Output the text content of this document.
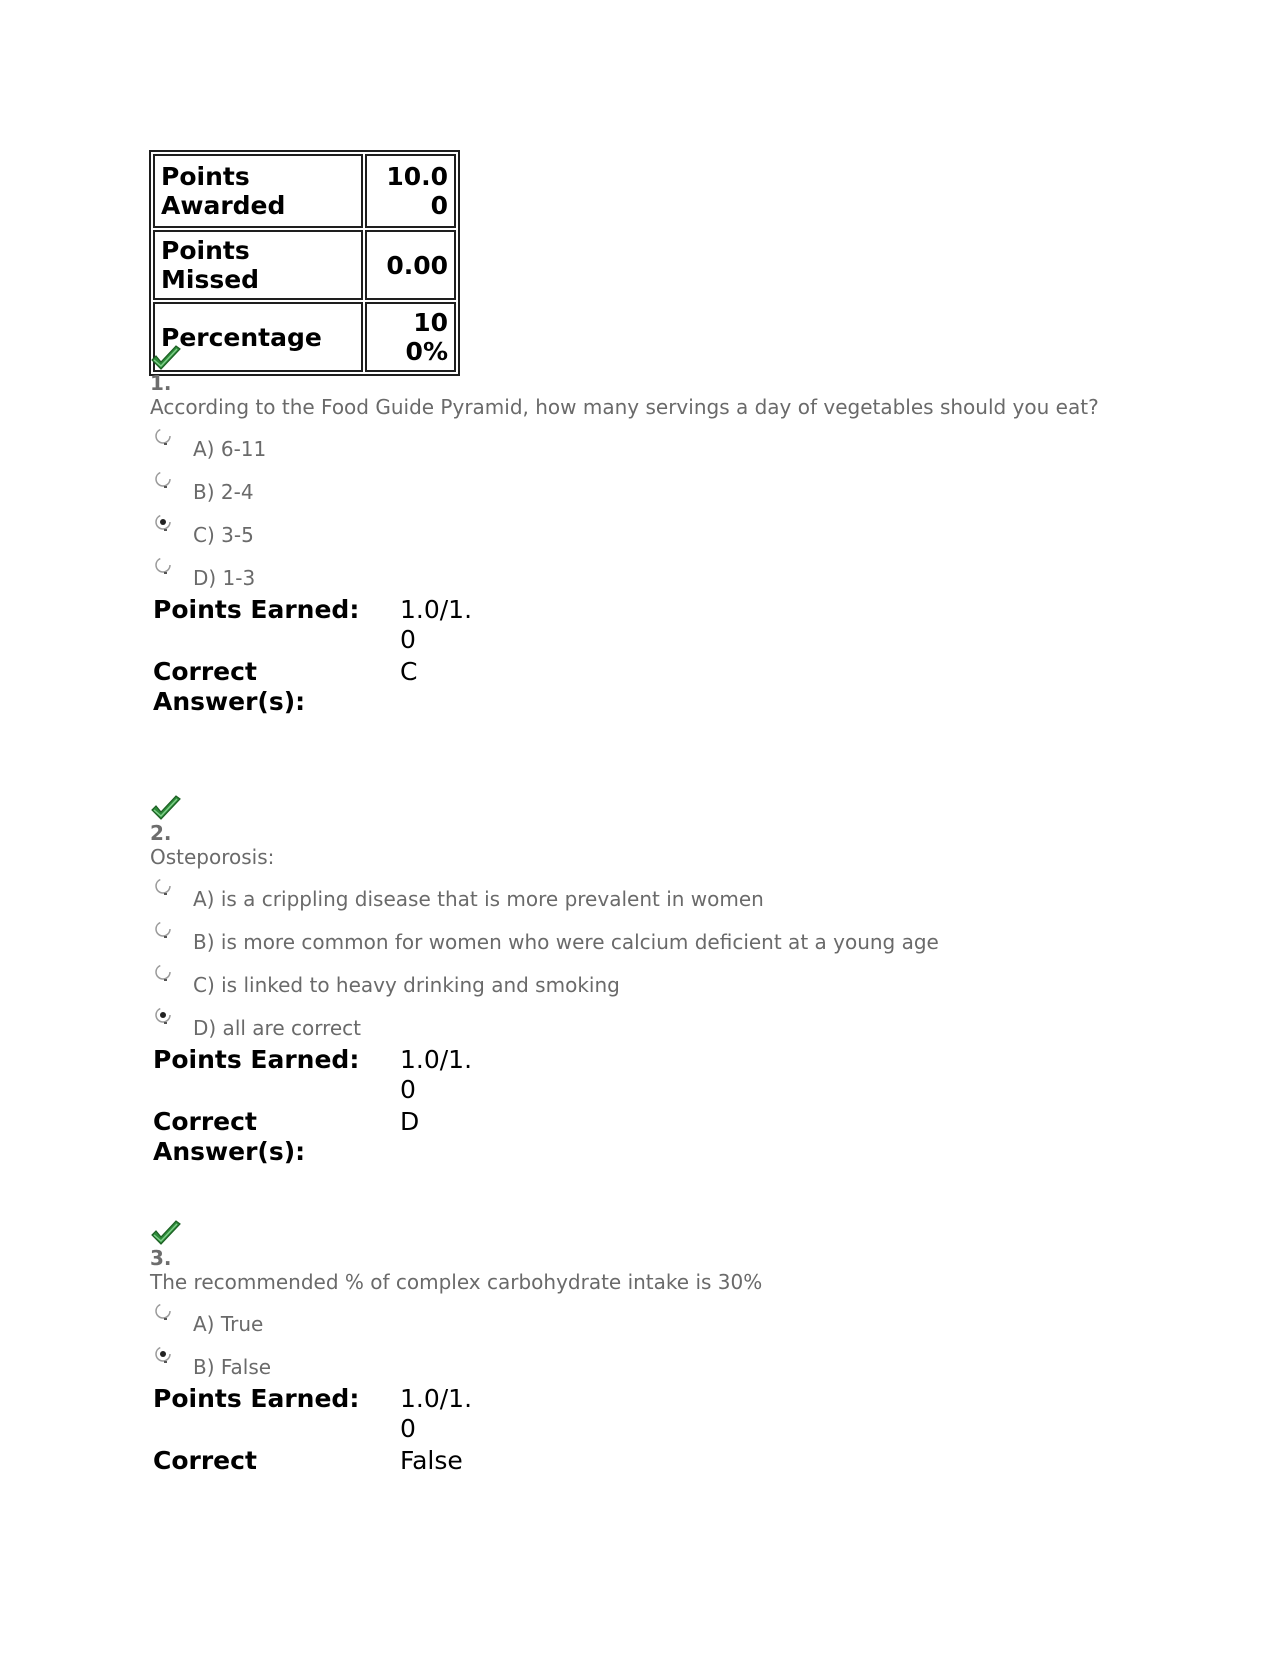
Points Awarded	10.00
Points Missed	0.00
Percentage	100%
1.
According to the Food Guide Pyramid, how many servings a day of vegetables should you eat?
A) 6-11
B) 2-4
C) 3-5
D) 1-3
Points Earned:	1.0/1.0
Correct Answer(s):	C
2.
Osteporosis:
A) is a crippling disease that is more prevalent in women
B) is more common for women who were calcium deficient at a young age
C) is linked to heavy drinking and smoking
D) all are correct
Points Earned:	1.0/1.0
Correct Answer(s):	D
3.
The recommended % of complex carbohydrate intake is 30%
A) True
B) False
Points Earned:	1.0/1.0
Correct	False
